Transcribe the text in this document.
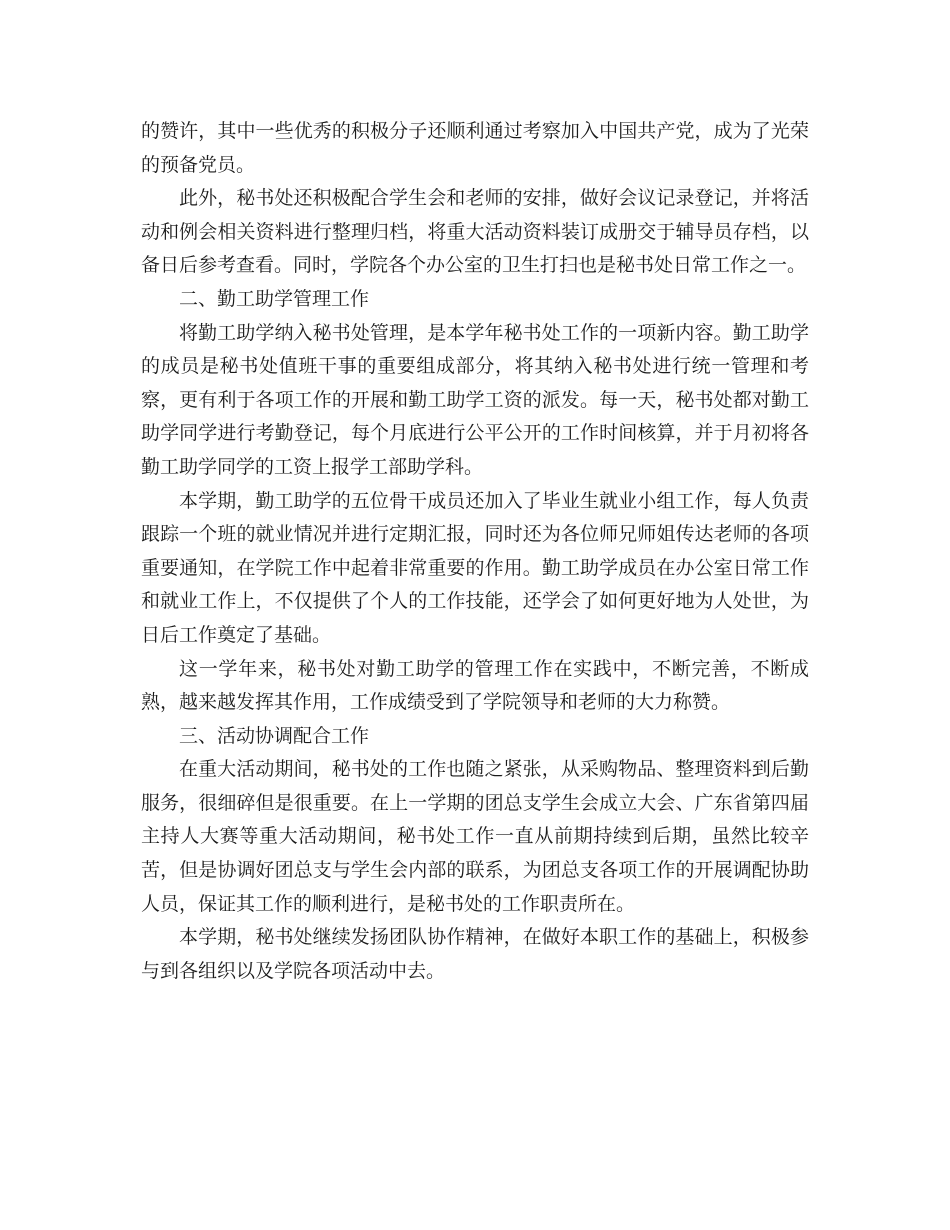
的赞许，其中一些优秀的积极分子还顺利通过考察加入中国共产党，成为了光荣的预备党员。

此外，秘书处还积极配合学生会和老师的安排，做好会议记录登记，并将活动和例会相关资料进行整理归档，将重大活动资料装订成册交于辅导员存档，以备日后参考查看。同时，学院各个办公室的卫生打扫也是秘书处日常工作之一。

二、勤工助学管理工作

将勤工助学纳入秘书处管理，是本学年秘书处工作的一项新内容。勤工助学的成员是秘书处值班干事的重要组成部分，将其纳入秘书处进行统一管理和考察，更有利于各项工作的开展和勤工助学工资的派发。每一天，秘书处都对勤工助学同学进行考勤登记，每个月底进行公平公开的工作时间核算，并于月初将各勤工助学同学的工资上报学工部助学科。

本学期，勤工助学的五位骨干成员还加入了毕业生就业小组工作，每人负责跟踪一个班的就业情况并进行定期汇报，同时还为各位师兄师姐传达老师的各项重要通知，在学院工作中起着非常重要的作用。勤工助学成员在办公室日常工作和就业工作上，不仅提供了个人的工作技能，还学会了如何更好地为人处世，为日后工作奠定了基础。

这一学年来，秘书处对勤工助学的管理工作在实践中，不断完善，不断成熟，越来越发挥其作用，工作成绩受到了学院领导和老师的大力称赞。

三、活动协调配合工作

在重大活动期间，秘书处的工作也随之紧张，从采购物品、整理资料到后勤服务，很细碎但是很重要。在上一学期的团总支学生会成立大会、广东省第四届主持人大赛等重大活动期间，秘书处工作一直从前期持续到后期，虽然比较辛苦，但是协调好团总支与学生会内部的联系，为团总支各项工作的开展调配协助人员，保证其工作的顺利进行，是秘书处的工作职责所在。

本学期，秘书处继续发扬团队协作精神，在做好本职工作的基础上，积极参与到各组织以及学院各项活动中去。
